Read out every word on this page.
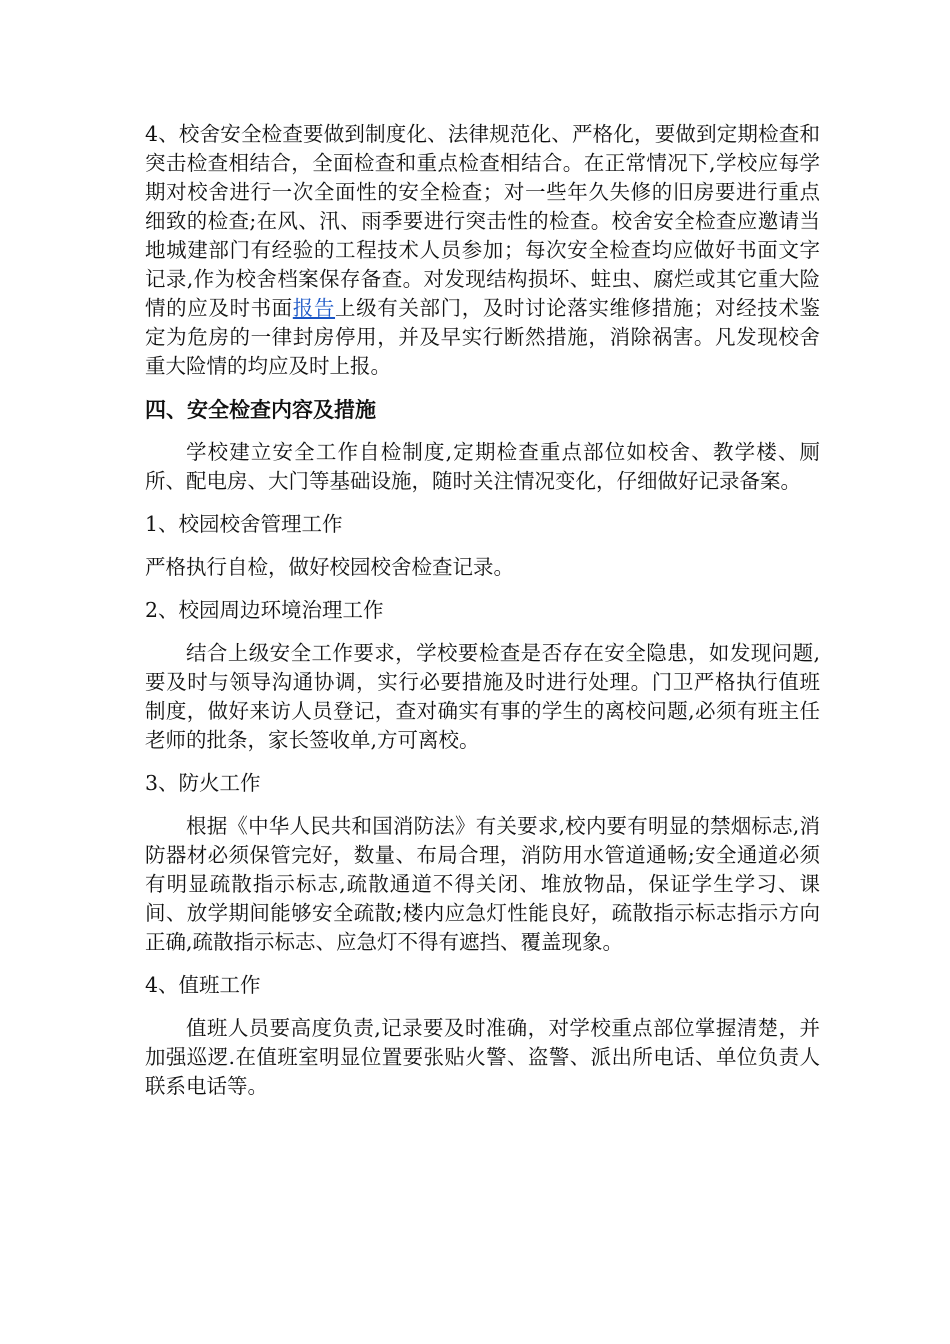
4、校舍安全检查要做到制度化、法律规范化、严格化，要做到定期检查和突击检查相结合，全面检查和重点检查相结合。在正常情况下,学校应每学期对校舍进行一次全面性的安全检查；对一些年久失修的旧房要进行重点细致的检查;在风、汛、雨季要进行突击性的检查。校舍安全检查应邀请当地城建部门有经验的工程技术人员参加；每次安全检查均应做好书面文字记录,作为校舍档案保存备查。对发现结构损坏、蛀虫、腐烂或其它重大险情的应及时书面报告上级有关部门，及时讨论落实维修措施；对经技术鉴定为危房的一律封房停用，并及早实行断然措施，消除祸害。凡发现校舍重大险情的均应及时上报。

四、安全检查内容及措施

学校建立安全工作自检制度,定期检查重点部位如校舍、教学楼、厕所、配电房、大门等基础设施，随时关注情况变化，仔细做好记录备案。

1、校园校舍管理工作

严格执行自检，做好校园校舍检查记录。

2、校园周边环境治理工作

结合上级安全工作要求，学校要检查是否存在安全隐患，如发现问题,要及时与领导沟通协调，实行必要措施及时进行处理。门卫严格执行值班制度，做好来访人员登记，查对确实有事的学生的离校问题,必须有班主任老师的批条，家长签收单,方可离校。

3、防火工作

根据《中华人民共和国消防法》有关要求,校内要有明显的禁烟标志,消防器材必须保管完好，数量、布局合理，消防用水管道通畅;安全通道必须有明显疏散指示标志,疏散通道不得关闭、堆放物品，保证学生学习、课间、放学期间能够安全疏散;楼内应急灯性能良好，疏散指示标志指示方向正确,疏散指示标志、应急灯不得有遮挡、覆盖现象。

4、值班工作

值班人员要高度负责,记录要及时准确，对学校重点部位掌握清楚，并加强巡逻.在值班室明显位置要张贴火警、盗警、派出所电话、单位负责人联系电话等。
